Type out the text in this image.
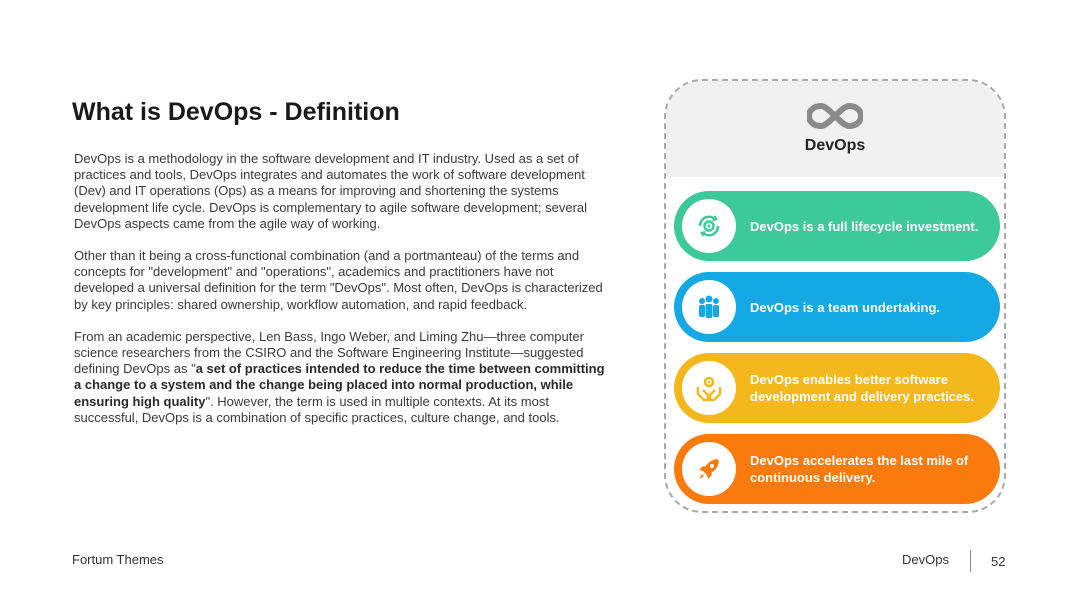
What is DevOps - Definition

DevOps is a methodology in the software development and IT industry. Used as a set of practices and tools, DevOps integrates and automates the work of software development (Dev) and IT operations (Ops) as a means for improving and shortening the systems development life cycle. DevOps is complementary to agile software development; several DevOps aspects came from the agile way of working.

Other than it being a cross-functional combination (and a portmanteau) of the terms and concepts for "development" and "operations", academics and practitioners have not developed a universal definition for the term "DevOps". Most often, DevOps is characterized by key principles: shared ownership, workflow automation, and rapid feedback.

From an academic perspective, Len Bass, Ingo Weber, and Liming Zhu—three computer science researchers from the CSIRO and the Software Engineering Institute—suggested defining DevOps as "a set of practices intended to reduce the time between committing a change to a system and the change being placed into normal production, while ensuring high quality". However, the term is used in multiple contexts. At its most successful, DevOps is a combination of specific practices, culture change, and tools.

DevOps
DevOps is a full lifecycle investment.
DevOps is a team undertaking.
DevOps enables better software development and delivery practices.
DevOps accelerates the last mile of continuous delivery.
Fortum Themes	DevOps	52
